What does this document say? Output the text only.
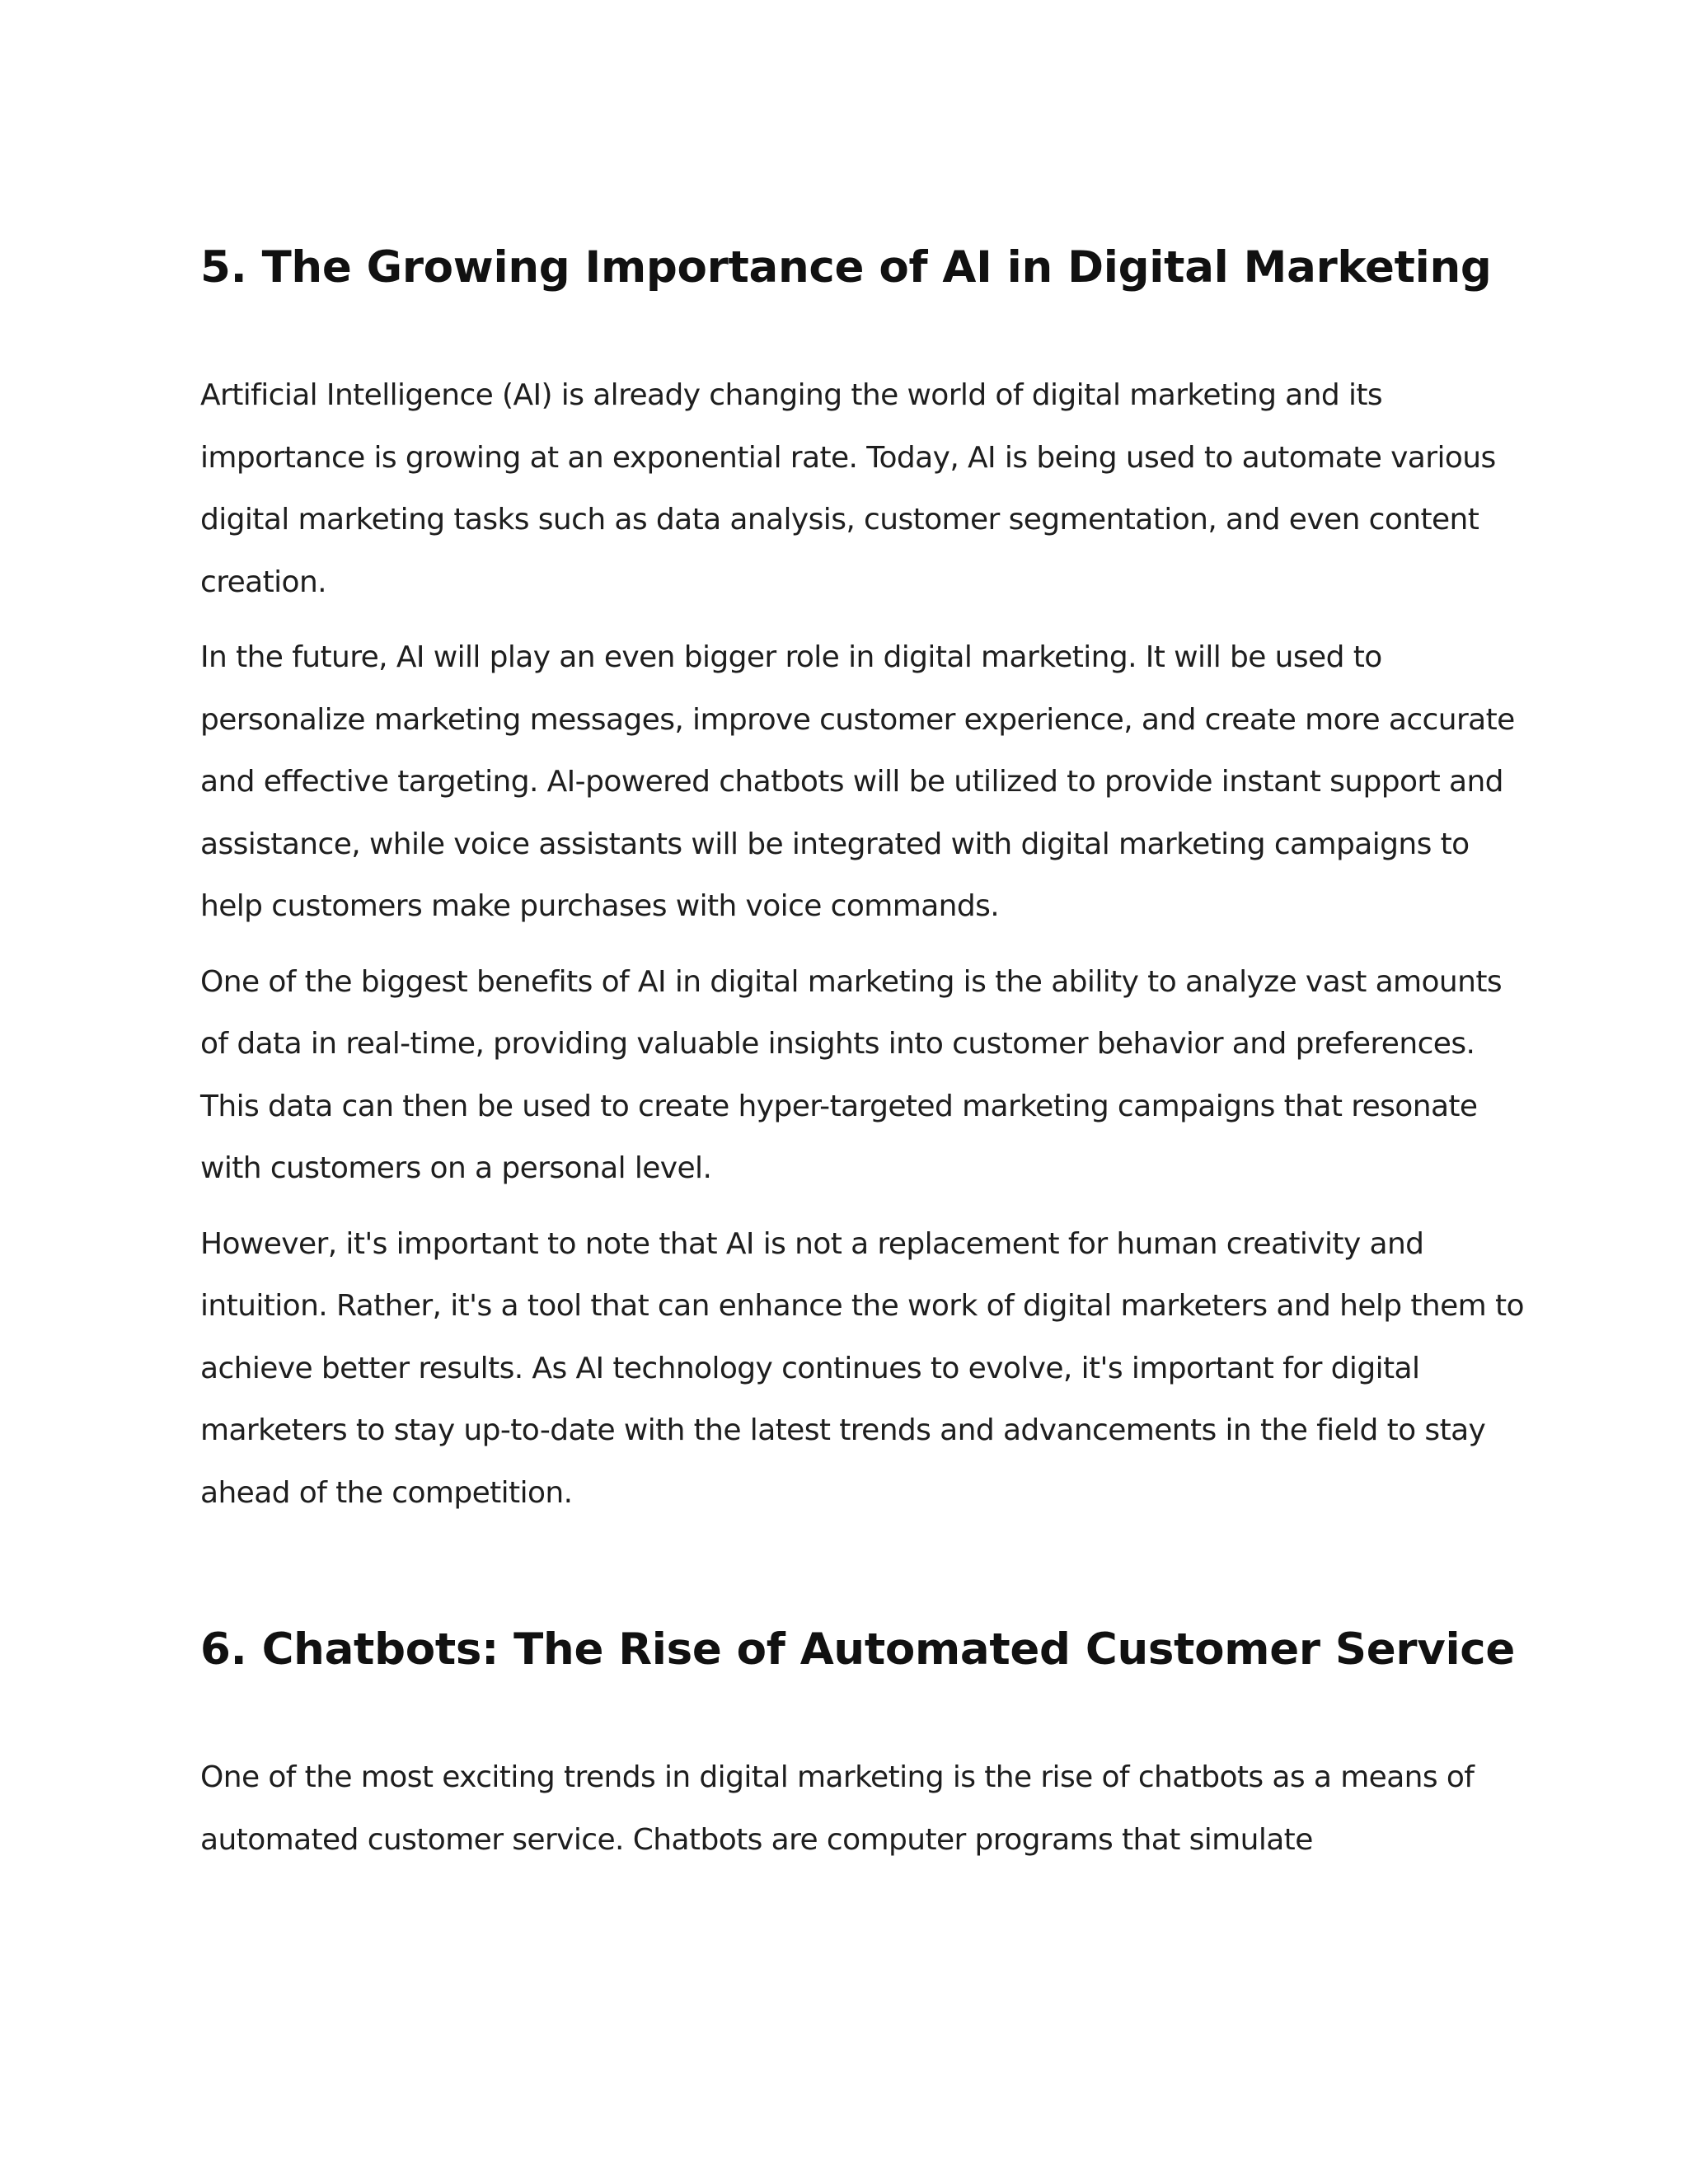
5. The Growing Importance of AI in Digital Marketing

Artificial Intelligence (AI) is already changing the world of digital marketing and its importance is growing at an exponential rate. Today, AI is being used to automate various digital marketing tasks such as data analysis, customer segmentation, and even content creation.

In the future, AI will play an even bigger role in digital marketing. It will be used to personalize marketing messages, improve customer experience, and create more accurate and effective targeting. AI-powered chatbots will be utilized to provide instant support and assistance, while voice assistants will be integrated with digital marketing campaigns to help customers make purchases with voice commands.

One of the biggest benefits of AI in digital marketing is the ability to analyze vast amounts of data in real-time, providing valuable insights into customer behavior and preferences. This data can then be used to create hyper-targeted marketing campaigns that resonate with customers on a personal level.

However, it's important to note that AI is not a replacement for human creativity and intuition. Rather, it's a tool that can enhance the work of digital marketers and help them to achieve better results. As AI technology continues to evolve, it's important for digital marketers to stay up-to-date with the latest trends and advancements in the field to stay ahead of the competition.

6. Chatbots: The Rise of Automated Customer Service

One of the most exciting trends in digital marketing is the rise of chatbots as a means of automated customer service. Chatbots are computer programs that simulate
